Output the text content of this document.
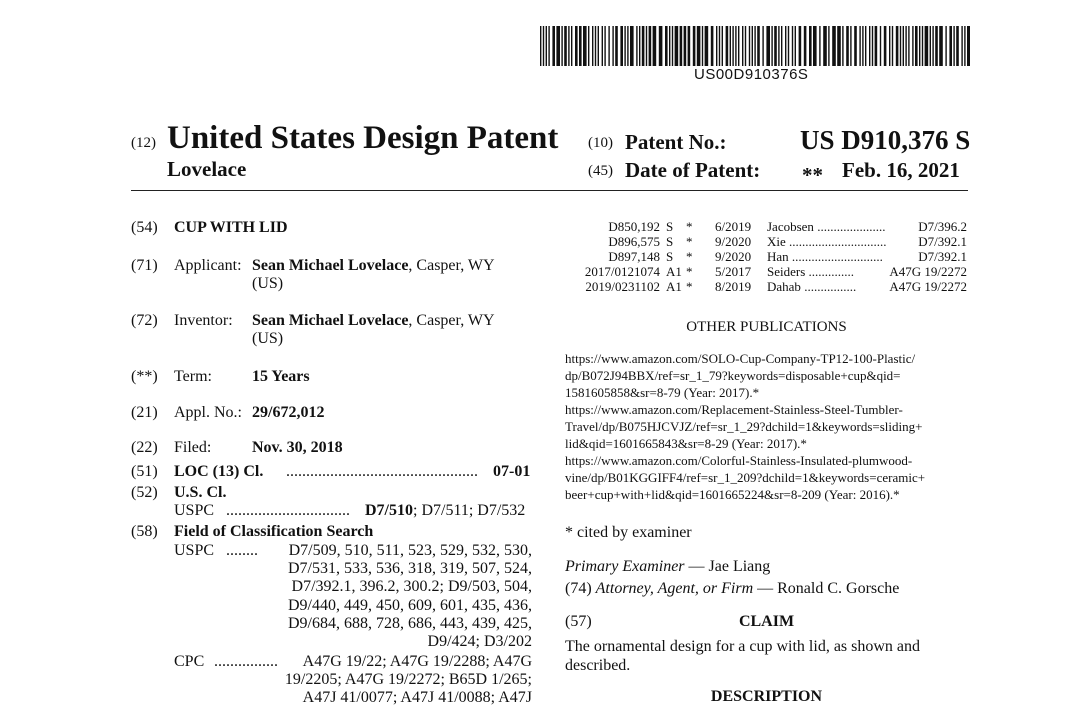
US00D910376S
(12) United States Design Patent
Lovelace
(10) Patent No.:	US D910,376 S
(45) Date of Patent: ** Feb. 16, 2021
(54) CUP WITH LID
(71) Applicant: Sean Michael Lovelace, Casper, WY
(US)
(72) Inventor: Sean Michael Lovelace, Casper, WY
(US)
(**) Term:	15 Years
(21) Appl. No.: 29/672,012
(22) Filed:	Nov. 30, 2018
(51) LOC (13) Cl. ................................................ 07-01
(52) U.S. Cl.
USPC ............................... D7/510; D7/511; D7/532
(58) Field of Classification Search
USPC ........	D7/509, 510, 511, 523, 529, 532, 530,
D7/531, 533, 536, 318, 319, 507, 524,
D7/392.1, 396.2, 300.2; D9/503, 504,
D9/440, 449, 450, 609, 601, 435, 436,
D9/684, 688, 728, 686, 443, 439, 425,
D9/424; D3/202
CPC ................	A47G 19/22; A47G 19/2288; A47G
19/2205; A47G 19/2272; B65D 1/265;
A47J 41/0077; A47J 41/0088; A47J
D850,192 S * 6/2019 Jacobsen .....................	D7/396.2
D896,575 S * 9/2020 Xie ..............................	D7/392.1
D897,148 S * 9/2020 Han ............................	D7/392.1
2017/0121074 A1 * 5/2017 Seiders ..............	A47G 19/2272
2019/0231102 A1 * 8/2019 Dahab ................	A47G 19/2272
OTHER PUBLICATIONS
https://www.amazon.com/SOLO-Cup-Company-TP12-100-Plastic/
dp/B072J94BBX/ref=sr_1_79?keywords=disposable+cup&qid=
1581605858&sr=8-79 (Year: 2017).*
https://www.amazon.com/Replacement-Stainless-Steel-Tumbler-
Travel/dp/B075HJCVJZ/ref=sr_1_29?dchild=1&keywords=sliding+
lid&qid=1601665843&sr=8-29 (Year: 2017).*
https://www.amazon.com/Colorful-Stainless-Insulated-plumwood-
vine/dp/B01KGGIFF4/ref=sr_1_209?dchild=1&keywords=ceramic+
beer+cup+with+lid&qid=1601665224&sr=8-209 (Year: 2016).*
* cited by examiner
Primary Examiner — Jae Liang
(74) Attorney, Agent, or Firm — Ronald C. Gorsche
(57)	CLAIM
The ornamental design for a cup with lid, as shown and
described.
DESCRIPTION
